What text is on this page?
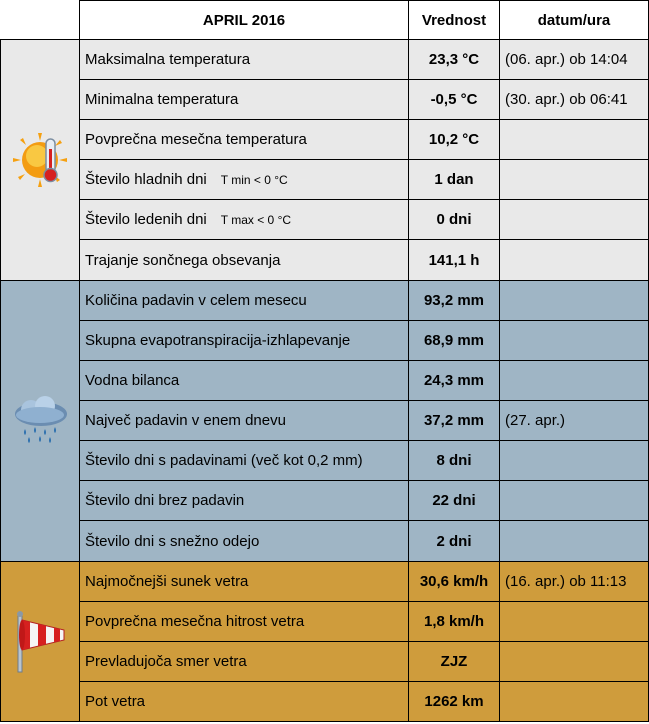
	APRIL 2016	Vrednost	datum/ura
	Maksimalna temperatura	23,3 °C	(06. apr.) ob 14:04
	Minimalna temperatura	-0,5 °C	(30. apr.) ob 06:41
	Povprečna mesečna temperatura	10,2 °C	
	Število hladnih dni T min < 0 °C	1 dan	
	Število ledenih dni T max < 0 °C	0 dni	
	Trajanje sončnega obsevanja	141,1 h	
	Količina padavin v celem mesecu	93,2 mm	
	Skupna evapotranspiracija-izhlapevanje	68,9 mm	
	Vodna bilanca	24,3 mm	
	Največ padavin v enem dnevu	37,2 mm	(27. apr.)
	Število dni s padavinami (več kot 0,2 mm)	8 dni	
	Število dni brez padavin	22 dni	
	Število dni s snežno odejo	2 dni	
	Najmočnejši sunek vetra	30,6 km/h	(16. apr.) ob 11:13
	Povprečna mesečna hitrost vetra	1,8 km/h	
	Prevladujoča smer vetra	ZJZ	
	Pot vetra	1262 km	
